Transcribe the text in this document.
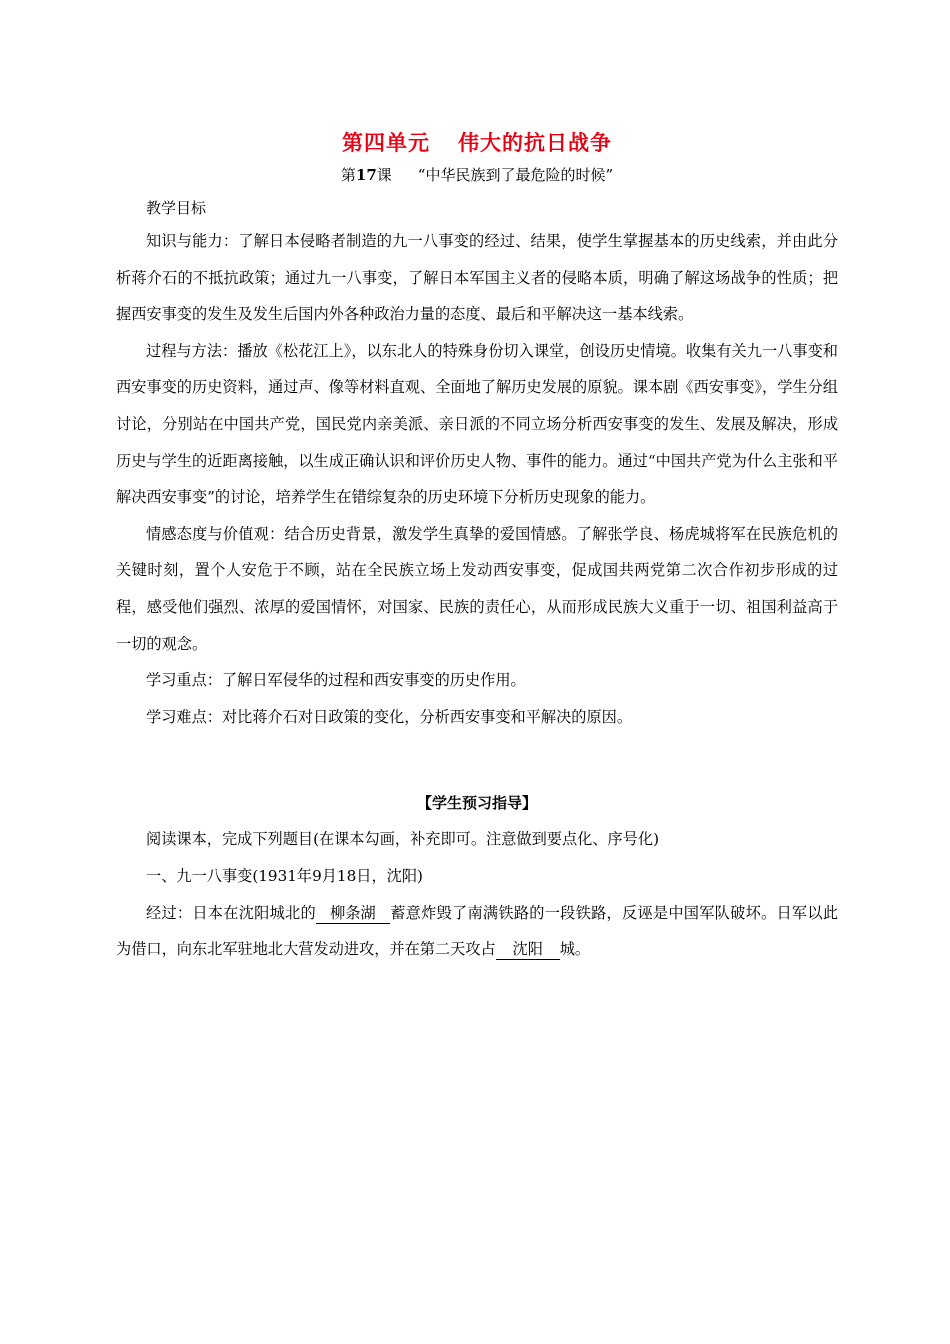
第四单元 伟大的抗日战争
第17课 “中华民族到了最危险的时候”
教学目标

知识与能力：了解日本侵略者制造的九一八事变的经过、结果，使学生掌握基本的历史线索，并由此分析蒋介石的不抵抗政策；通过九一八事变，了解日本军国主义者的侵略本质，明确了解这场战争的性质；把握西安事变的发生及发生后国内外各种政治力量的态度、最后和平解决这一基本线索。

过程与方法：播放《松花江上》，以东北人的特殊身份切入课堂，创设历史情境。收集有关九一八事变和西安事变的历史资料，通过声、像等材料直观、全面地了解历史发展的原貌。课本剧《西安事变》，学生分组讨论，分别站在中国共产党，国民党内亲美派、亲日派的不同立场分析西安事变的发生、发展及解决，形成历史与学生的近距离接触，以生成正确认识和评价历史人物、事件的能力。通过“中国共产党为什么主张和平解决西安事变”的讨论，培养学生在错综复杂的历史环境下分析历史现象的能力。

情感态度与价值观：结合历史背景，激发学生真挚的爱国情感。了解张学良、杨虎城将军在民族危机的关键时刻，置个人安危于不顾，站在全民族立场上发动西安事变，促成国共两党第二次合作初步形成的过程，感受他们强烈、浓厚的爱国情怀，对国家、民族的责任心，从而形成民族大义重于一切、祖国利益高于一切的观念。

学习重点：了解日军侵华的过程和西安事变的历史作用。

学习难点：对比蒋介石对日政策的变化，分析西安事变和平解决的原因。

【学生预习指导】

阅读课本，完成下列题目(在课本勾画，补充即可。注意做到要点化、序号化)

一、九一八事变(1931年9月18日，沈阳)

经过：日本在沈阳城北的 柳条湖 蓄意炸毁了南满铁路的一段铁路，反诬是中国军队破坏。日军以此为借口，向东北军驻地北大营发动进攻，并在第二天攻占 沈阳 城。
